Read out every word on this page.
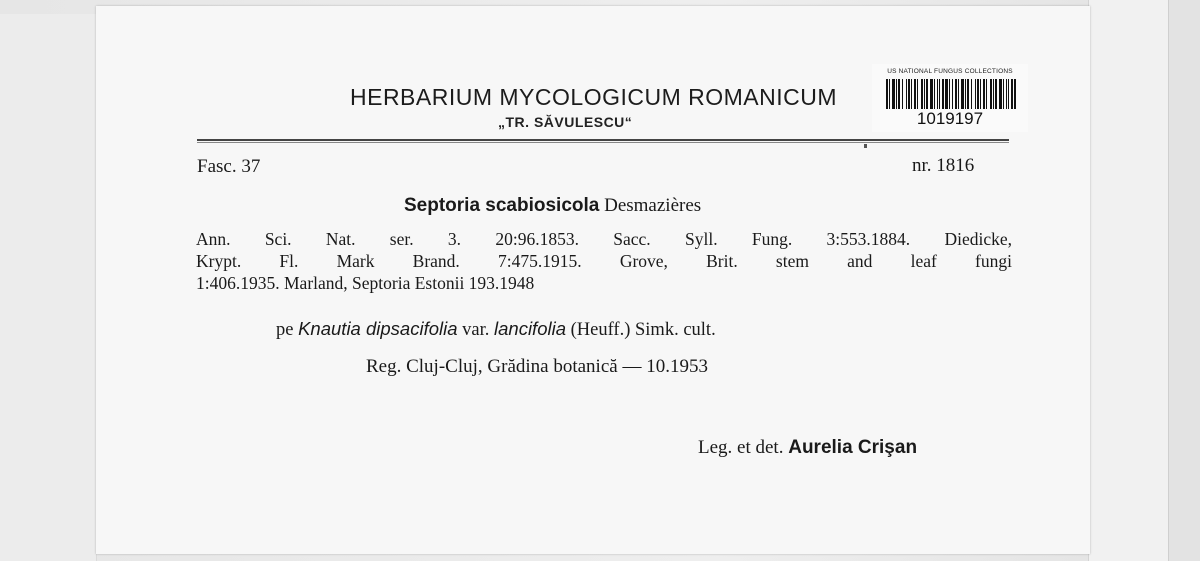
HERBARIUM MYCOLOGICUM ROMANICUM
„TR. SĂVULESCU“
US NATIONAL FUNGUS COLLECTIONS
1019197
Fasc. 37	nr. 1816
Septoria scabiosicola Desmazières
Ann. Sci. Nat. ser. 3. 20:96.1853. Sacc. Syll. Fung. 3:553.1884. Diedicke,
Krypt. Fl. Mark Brand. 7:475.1915. Grove, Brit. stem and leaf fungi
1:406.1935. Marland, Septoria Estonii 193.1948
pe Knautia dipsacifolia var. lancifolia (Heuff.) Simk. cult.
Reg. Cluj-Cluj, Grădina botanică — 10.1953
Leg. et det. Aurelia Crişan
